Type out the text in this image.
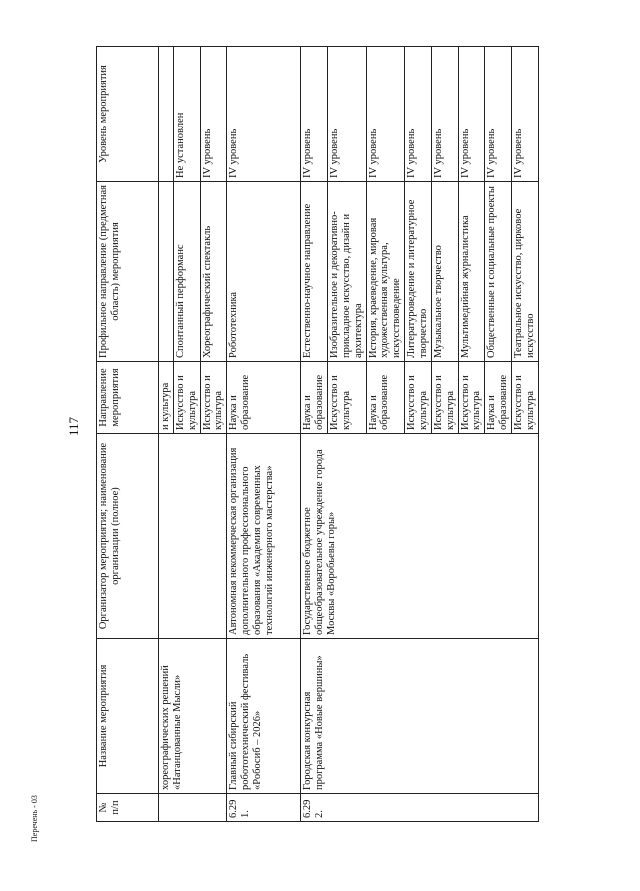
117
Перечень - 03	№ п/п	Название мероприятия	Организатор мероприятия; наименование организации (полное)	Направление мероприятия	Профильное направление (предметная область) мероприятия	Уровень мероприятия
	хореографических решений «Натанцованные Мысли»		и культура		
			Искусство и культура	Спонтанный перформанс	Не установлен
			Искусство и культура	Хореографический спектакль	IV уровень
6.291.	Главный сибирский робототехнический фестиваль «Робосиб – 2026»	Автономная некоммерческая организация дополнительного профессионального образования «Академия современных технологий инженерного мастерства»	Наука и образование	Робототехника	IV уровень
6.292.	Городская конкурсная программа «Новые вершины»	Государственное бюджетное общеобразовательное учреждение города Москвы «Воробьевы горы»	Наука и образование	Естественно-научное направление	IV уровень
			Искусство и культура	Изобразительное и декоративно-прикладное искусство, дизайн и архитектура	IV уровень
			Наука и образование	История, краеведение, мировая художественная культура, искусствоведение	IV уровень
			Искусство и культура	Литературоведение и литературное творчество	IV уровень
			Искусство и культура	Музыкальное творчество	IV уровень
			Искусство и культура	Мультимедийная журналистика	IV уровень
			Наука и образование	Общественные и социальные проекты	IV уровень
			Искусство и культура	Театральное искусство, цирковое искусство	IV уровень
